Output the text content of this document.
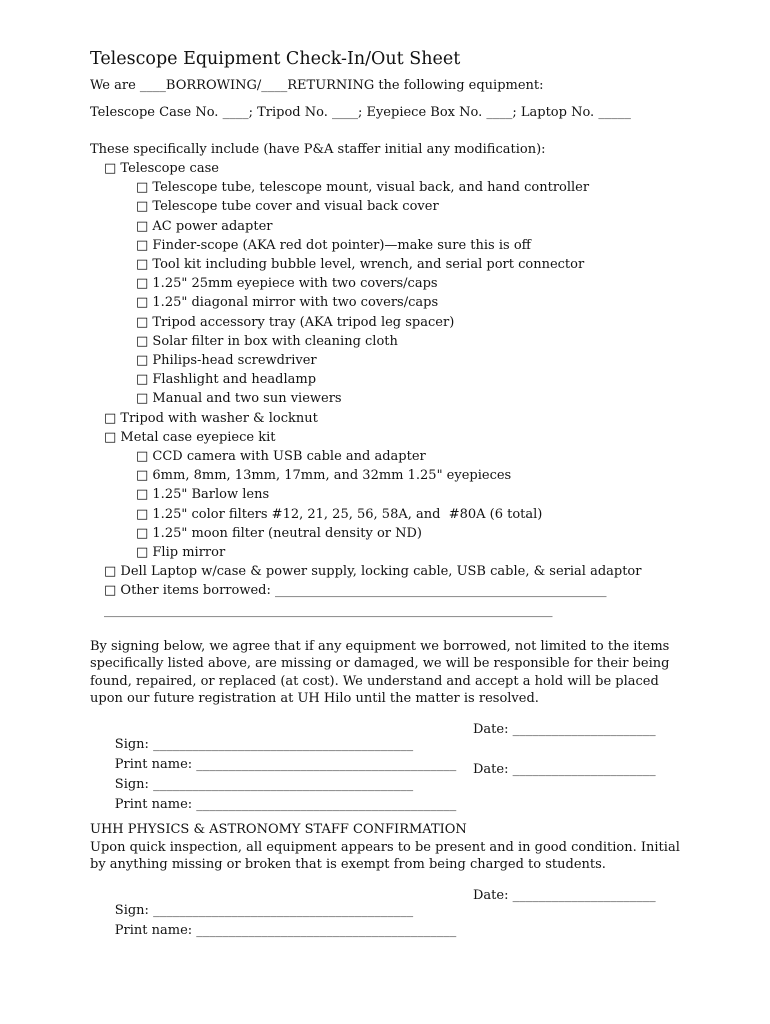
Telescope Equipment Check-In/Out Sheet
We are ____BORROWING/____RETURNING the following equipment:
Telescope Case No. ____; Tripod No. ____; Eyepiece Box No. ____; Laptop No. _____
These specifically include (have P&A staffer initial any modification):
□ Telescope case
□ Telescope tube, telescope mount, visual back, and hand controller
□ Telescope tube cover and visual back cover
□ AC power adapter
□ Finder-scope (AKA red dot pointer)—make sure this is off
□ Tool kit including bubble level, wrench, and serial port connector
□ 1.25" 25mm eyepiece with two covers/caps
□ 1.25" diagonal mirror with two covers/caps
□ Tripod accessory tray (AKA tripod leg spacer)
□ Solar filter in box with cleaning cloth
□ Philips-head screwdriver
□ Flashlight and headlamp
□ Manual and two sun viewers
□ Tripod with washer & locknut
□ Metal case eyepiece kit
□ CCD camera with USB cable and adapter
□ 6mm, 8mm, 13mm, 17mm, and 32mm 1.25" eyepieces
□ 1.25" Barlow lens
□ 1.25" color filters #12, 21, 25, 56, 58A, and  #80A (6 total)
□ 1.25" moon filter (neutral density or ND)
□ Flip mirror
□ Dell Laptop w/case & power supply, locking cable, USB cable, & serial adaptor
□ Other items borrowed: ___________________________________________________
_____________________________________________________________________
By signing below, we agree that if any equipment we borrowed, not limited to the items specifically listed above, are missing or damaged, we will be responsible for their being found, repaired, or replaced (at cost). We understand and accept a hold will be placed upon our future registration at UH Hilo until the matter is resolved.

Sign: ________________________________________

Date: ______________________

Print name: ________________________________________

Sign: ________________________________________

Date: ______________________

Print name: ________________________________________

UHH PHYSICS & ASTRONOMY STAFF CONFIRMATION
Upon quick inspection, all equipment appears to be present and in good condition. Initial by anything missing or broken that is exempt from being charged to students.

Sign: ________________________________________

Date: ______________________

Print name: ________________________________________
